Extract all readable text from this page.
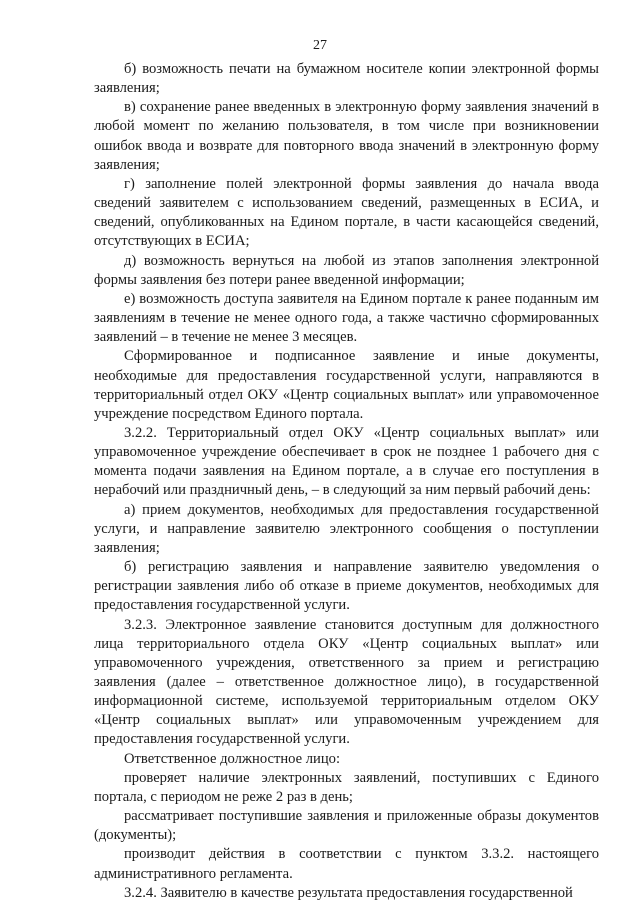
27

б) возможность печати на бумажном носителе копии электронной формы заявления;

в) сохранение ранее введенных в электронную форму заявления значений в любой момент по желанию пользователя, в том числе при возникновении ошибок ввода и возврате для повторного ввода значений в электронную форму заявления;

г) заполнение полей электронной формы заявления до начала ввода сведений заявителем с использованием сведений, размещенных в ЕСИА, и сведений, опубликованных на Едином портале, в части касающейся сведений, отсутствующих в ЕСИА;

д) возможность вернуться на любой из этапов заполнения электронной формы заявления без потери ранее введенной информации;

е) возможность доступа заявителя на Едином портале к ранее поданным им заявлениям в течение не менее одного года, а также частично сформированных заявлений – в течение не менее 3 месяцев.

Сформированное и подписанное заявление и иные документы, необходимые для предоставления государственной услуги, направляются в территориальный отдел ОКУ «Центр социальных выплат» или управомоченное учреждение посредством Единого портала.

3.2.2. Территориальный отдел ОКУ «Центр социальных выплат» или управомоченное учреждение обеспечивает в срок не позднее 1 рабочего дня с момента подачи заявления на Едином портале, а в случае его поступления в нерабочий или праздничный день, – в следующий за ним первый рабочий день:

а) прием документов, необходимых для предоставления государственной услуги, и направление заявителю электронного сообщения о поступлении заявления;

б) регистрацию заявления и направление заявителю уведомления о регистрации заявления либо об отказе в приеме документов, необходимых для предоставления государственной услуги.

3.2.3. Электронное заявление становится доступным для должностного лица территориального отдела ОКУ «Центр социальных выплат» или управомоченного учреждения, ответственного за прием и регистрацию заявления (далее – ответственное должностное лицо), в государственной информационной системе, используемой территориальным отделом ОКУ «Центр социальных выплат» или управомоченным учреждением для предоставления государственной услуги.

Ответственное должностное лицо:

проверяет наличие электронных заявлений, поступивших с Единого портала, с периодом не реже 2 раз в день;

рассматривает поступившие заявления и приложенные образы документов (документы);

производит действия в соответствии с пунктом 3.3.2. настоящего административного регламента.

3.2.4. Заявителю в качестве результата предоставления государственной
